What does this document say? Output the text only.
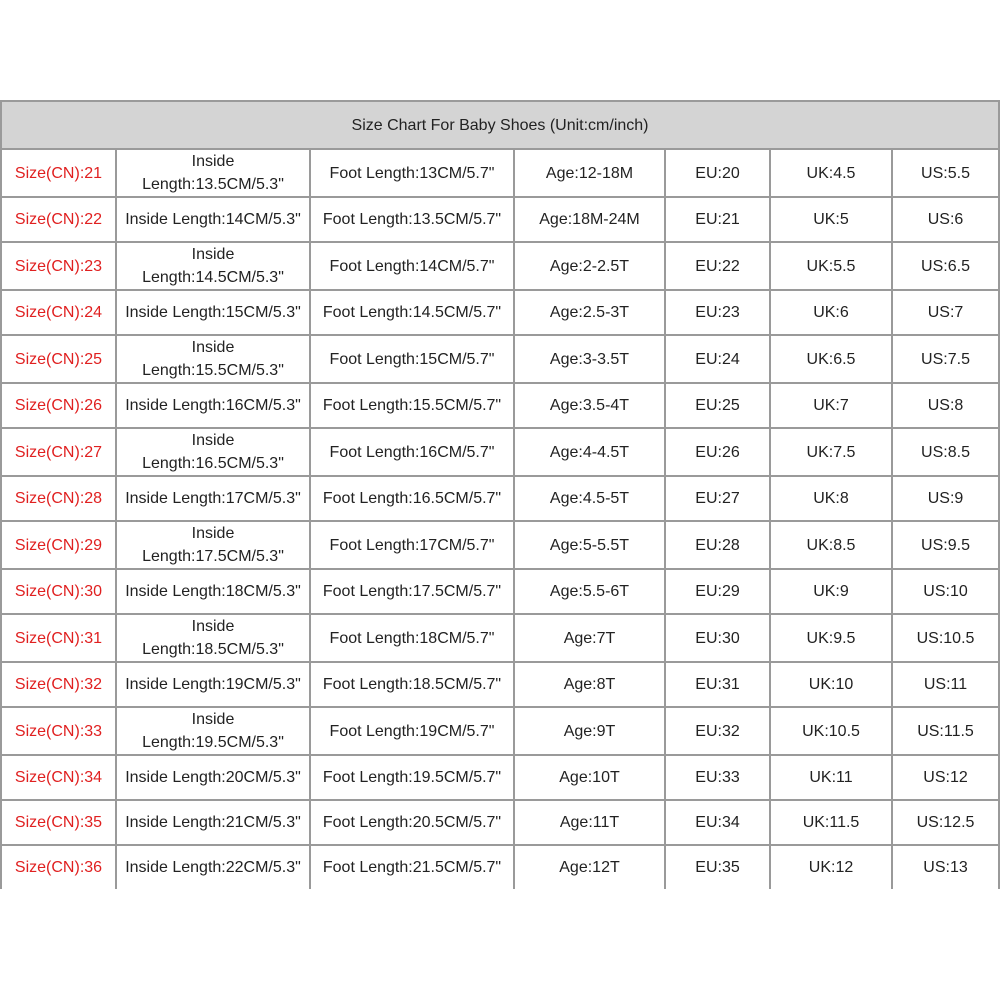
Size Chart For Baby Shoes (Unit:cm/inch)						
Size(CN):21	Inside Length:13.5CM/5.3"	Foot Length:13CM/5.7"	Age:12-18M	EU:20	UK:4.5	US:5.5
Size(CN):22	Inside Length:14CM/5.3"	Foot Length:13.5CM/5.7"	Age:18M-24M	EU:21	UK:5	US:6
Size(CN):23	Inside Length:14.5CM/5.3"	Foot Length:14CM/5.7"	Age:2-2.5T	EU:22	UK:5.5	US:6.5
Size(CN):24	Inside Length:15CM/5.3"	Foot Length:14.5CM/5.7"	Age:2.5-3T	EU:23	UK:6	US:7
Size(CN):25	Inside Length:15.5CM/5.3"	Foot Length:15CM/5.7"	Age:3-3.5T	EU:24	UK:6.5	US:7.5
Size(CN):26	Inside Length:16CM/5.3"	Foot Length:15.5CM/5.7"	Age:3.5-4T	EU:25	UK:7	US:8
Size(CN):27	Inside Length:16.5CM/5.3"	Foot Length:16CM/5.7"	Age:4-4.5T	EU:26	UK:7.5	US:8.5
Size(CN):28	Inside Length:17CM/5.3"	Foot Length:16.5CM/5.7"	Age:4.5-5T	EU:27	UK:8	US:9
Size(CN):29	Inside Length:17.5CM/5.3"	Foot Length:17CM/5.7"	Age:5-5.5T	EU:28	UK:8.5	US:9.5
Size(CN):30	Inside Length:18CM/5.3"	Foot Length:17.5CM/5.7"	Age:5.5-6T	EU:29	UK:9	US:10
Size(CN):31	Inside Length:18.5CM/5.3"	Foot Length:18CM/5.7"	Age:7T	EU:30	UK:9.5	US:10.5
Size(CN):32	Inside Length:19CM/5.3"	Foot Length:18.5CM/5.7"	Age:8T	EU:31	UK:10	US:11
Size(CN):33	Inside Length:19.5CM/5.3"	Foot Length:19CM/5.7"	Age:9T	EU:32	UK:10.5	US:11.5
Size(CN):34	Inside Length:20CM/5.3"	Foot Length:19.5CM/5.7"	Age:10T	EU:33	UK:11	US:12
Size(CN):35	Inside Length:21CM/5.3"	Foot Length:20.5CM/5.7"	Age:11T	EU:34	UK:11.5	US:12.5
Size(CN):36	Inside Length:22CM/5.3"	Foot Length:21.5CM/5.7"	Age:12T	EU:35	UK:12	US:13
